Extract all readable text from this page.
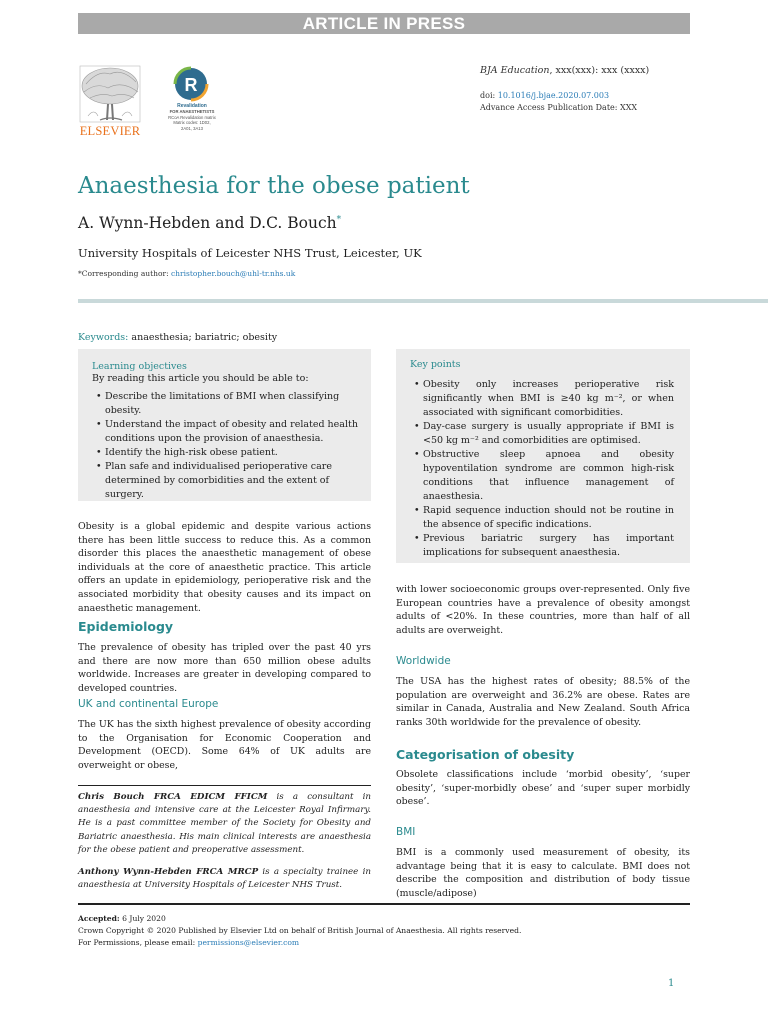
ARTICLE IN PRESS
ELSEVIER
R
Revalidation
FOR ANAESTHETISTS
RCoA Revalidation matrix
Matrix codes: 1D02,
2A01, 3A13
BJA Education, xxx(xxx): xxx (xxxx)
doi: 10.1016/j.bjae.2020.07.003
Advance Access Publication Date: XXX
Anaesthesia for the obese patient
A. Wynn-Hebden and D.C. Bouch*
University Hospitals of Leicester NHS Trust, Leicester, UK
*Corresponding author: christopher.bouch@uhl-tr.nhs.uk
Keywords: anaesthesia; bariatric; obesity
Learning objectives
By reading this article you should be able to:
• Describe the limitations of BMI when classifying obesity.
• Understand the impact of obesity and related health conditions upon the provision of anaesthesia.
• Identify the high-risk obese patient.
• Plan safe and individualised perioperative care determined by comorbidities and the extent of surgery.
Key points
• Obesity only increases perioperative risk significantly when BMI is ≥40 kg m⁻², or when associated with significant comorbidities.
• Day-case surgery is usually appropriate if BMI is <50 kg m⁻² and comorbidities are optimised.
• Obstructive sleep apnoea and obesity hypoventilation syndrome are common high-risk conditions that influence management of anaesthesia.
• Rapid sequence induction should not be routine in the absence of specific indications.
• Previous bariatric surgery has important implications for subsequent anaesthesia.

Obesity is a global epidemic and despite various actions there has been little success to reduce this. As a common disorder this places the anaesthetic management of obese individuals at the core of anaesthetic practice. This article offers an update in epidemiology, perioperative risk and the associated morbidity that obesity causes and its impact on anaesthetic management.

Epidemiology

The prevalence of obesity has tripled over the past 40 yrs and there are now more than 650 million obese adults worldwide. Increases are greater in developing compared to developed countries.

UK and continental Europe

The UK has the sixth highest prevalence of obesity according to the Organisation for Economic Cooperation and Development (OECD). Some 64% of UK adults are overweight or obese,

Chris Bouch FRCA EDICM FFICM is a consultant in anaesthesia and intensive care at the Leicester Royal Infirmary. He is a past committee member of the Society for Obesity and Bariatric anaesthesia. His main clinical interests are anaesthesia for the obese patient and preoperative assessment.

Anthony Wynn-Hebden FRCA MRCP is a specialty trainee in anaesthesia at University Hospitals of Leicester NHS Trust.

with lower socioeconomic groups over-represented. Only five European countries have a prevalence of obesity amongst adults of <20%. In these countries, more than half of all adults are overweight.

Worldwide

The USA has the highest rates of obesity; 88.5% of the population are overweight and 36.2% are obese. Rates are similar in Canada, Australia and New Zealand. South Africa ranks 30th worldwide for the prevalence of obesity.

Categorisation of obesity

Obsolete classifications include ‘morbid obesity’, ‘super obesity’, ‘super-morbidly obese’ and ‘super super morbidly obese’.

BMI

BMI is a commonly used measurement of obesity, its advantage being that it is easy to calculate. BMI does not describe the composition and distribution of body tissue (muscle/adipose)

Accepted: 6 July 2020
Crown Copyright © 2020 Published by Elsevier Ltd on behalf of British Journal of Anaesthesia. All rights reserved.
For Permissions, please email: permissions@elsevier.com
1
